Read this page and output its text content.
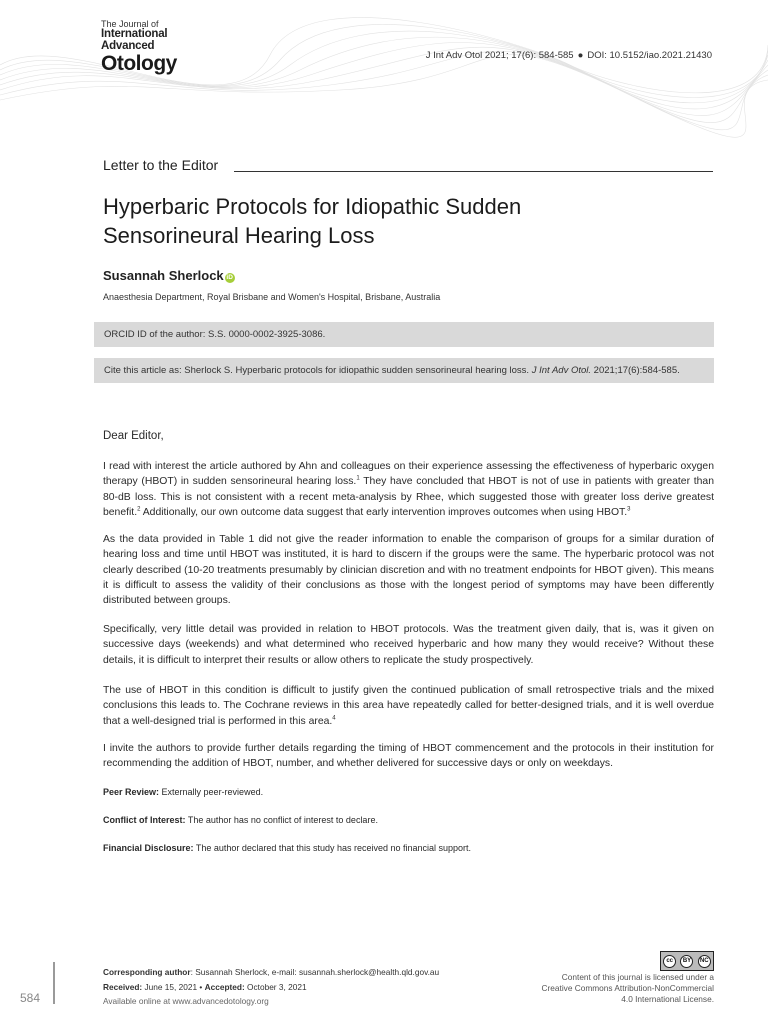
The Journal of
International
Advanced
Otology	J Int Adv Otol 2021; 17(6): 584-585 ● DOI: 10.5152/iao.2021.21430
Letter to the Editor
Hyperbaric Protocols for Idiopathic Sudden Sensorineural Hearing Loss
Susannah Sherlock iD
Anaesthesia Department, Royal Brisbane and Women's Hospital, Brisbane, Australia
ORCID ID of the author: S.S. 0000-0002-3925-3086.
Cite this article as: Sherlock S. Hyperbaric protocols for idiopathic sudden sensorineural hearing loss. J Int Adv Otol. 2021;17(6):584-585.
Dear Editor,

I read with interest the article authored by Ahn and colleagues on their experience assessing the effectiveness of hyperbaric oxygen therapy (HBOT) in sudden sensorineural hearing loss.$^1$ They have concluded that HBOT is not of use in patients with greater than 80-dB loss. This is not consistent with a recent meta-analysis by Rhee, which suggested those with greater loss derive greatest benefit.$^2$ Additionally, our own outcome data suggest that early intervention improves outcomes when using HBOT.$^3$

As the data provided in Table 1 did not give the reader information to enable the comparison of groups for a similar duration of hearing loss and time until HBOT was instituted, it is hard to discern if the groups were the same. The hyperbaric protocol was not clearly described (10-20 treatments presumably by clinician discretion and with no treatment endpoints for HBOT given). This means it is difficult to assess the validity of their conclusions as those with the longest period of symptoms may have been differently distributed between groups.

Specifically, very little detail was provided in relation to HBOT protocols. Was the treatment given daily, that is, was it given on successive days (weekends) and what determined who received hyperbaric and how many they would receive? Without these details, it is difficult to interpret their results or allow others to replicate the study prospectively.

The use of HBOT in this condition is difficult to justify given the continued publication of small retrospective trials and the mixed conclusions this leads to. The Cochrane reviews in this area have repeatedly called for better-designed trials, and it is well overdue that a well-designed trial is performed in this area.$^4$

I invite the authors to provide further details regarding the timing of HBOT commencement and the protocols in their institution for recommending the addition of HBOT, number, and whether delivered for successive days or only on weekdays.

Peer Review: Externally peer-reviewed.
Conflict of Interest: The author has no conflict of interest to declare.
Financial Disclosure: The author declared that this study has received no financial support.
584
Corresponding author: Susannah Sherlock, e-mail: susannah.sherlock@health.qld.gov.au
Received: June 15, 2021 • Accepted: October 3, 2021
Available online at www.advancedotology.org
cc	BY	NC
Content of this journal is licensed under a
Creative Commons Attribution-NonCommercial
4.0 International License.
